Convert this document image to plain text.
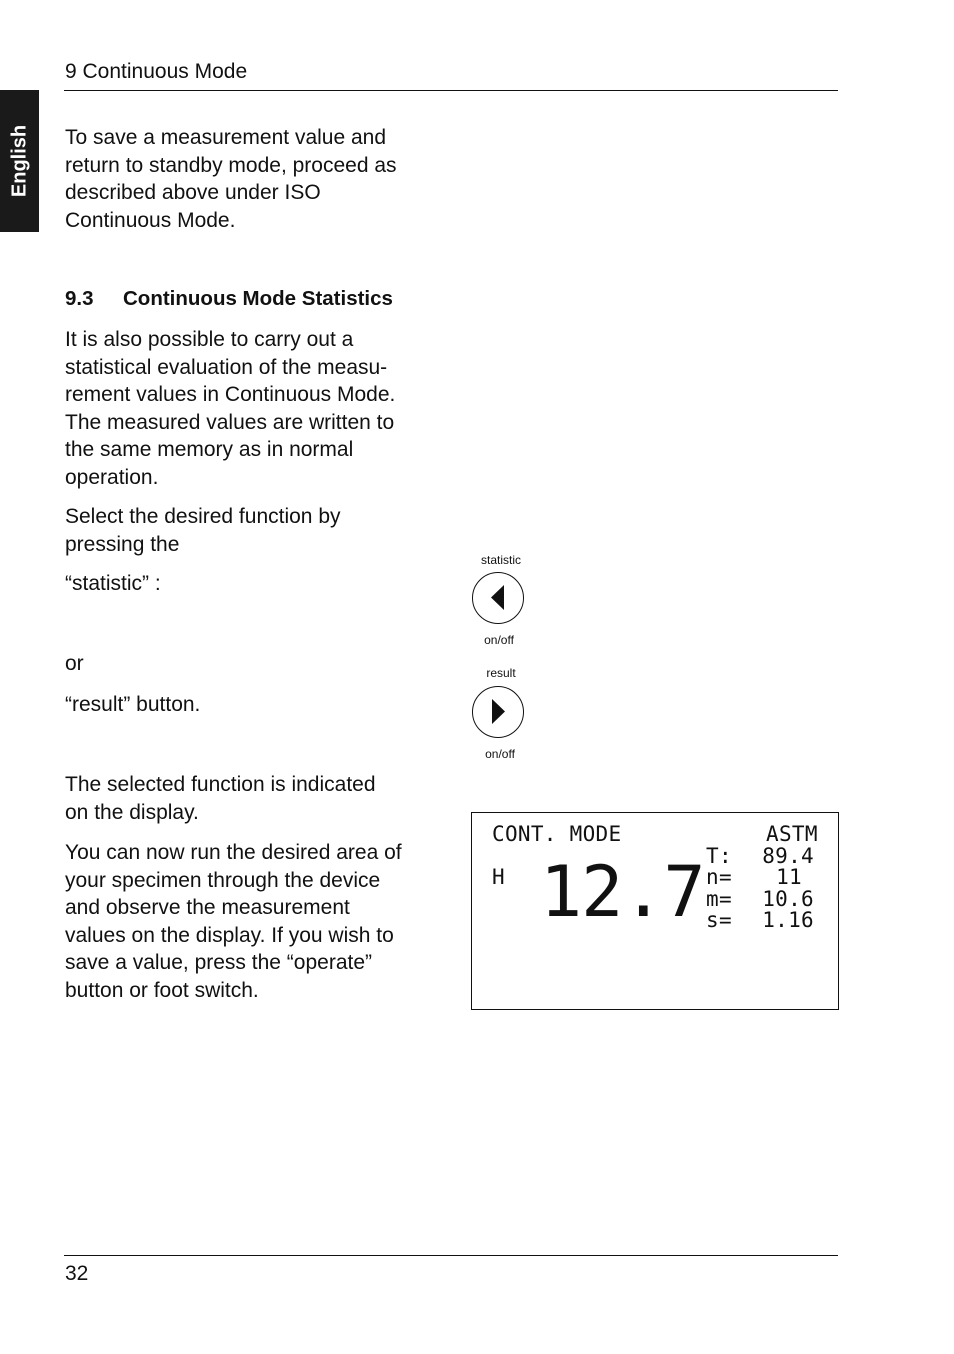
9 Continuous Mode
English To save a measurement value and
return to standby mode, proceed as
described above under ISO
Continuous Mode.
9.3 Continuous Mode Statistics
It is also possible to carry out a
statistical evaluation of the measu-
rement values in Continuous Mode.
The measured values are written to
the same memory as in normal
operation.
Select the desired function by
pressing the
“statistic” :
or
“result” button.
The selected function is indicated
on the display.
You can now run the desired area of
your specimen through the device
and observe the measurement
values on the display. If you wish to
save a value, press the “operate”
button or foot switch.
statistic
on/off
result
on/off
CONT. MODE	ASTM
H 12.7 T:
n=
m=
s=
89.4
11
10.6
1.16
32
